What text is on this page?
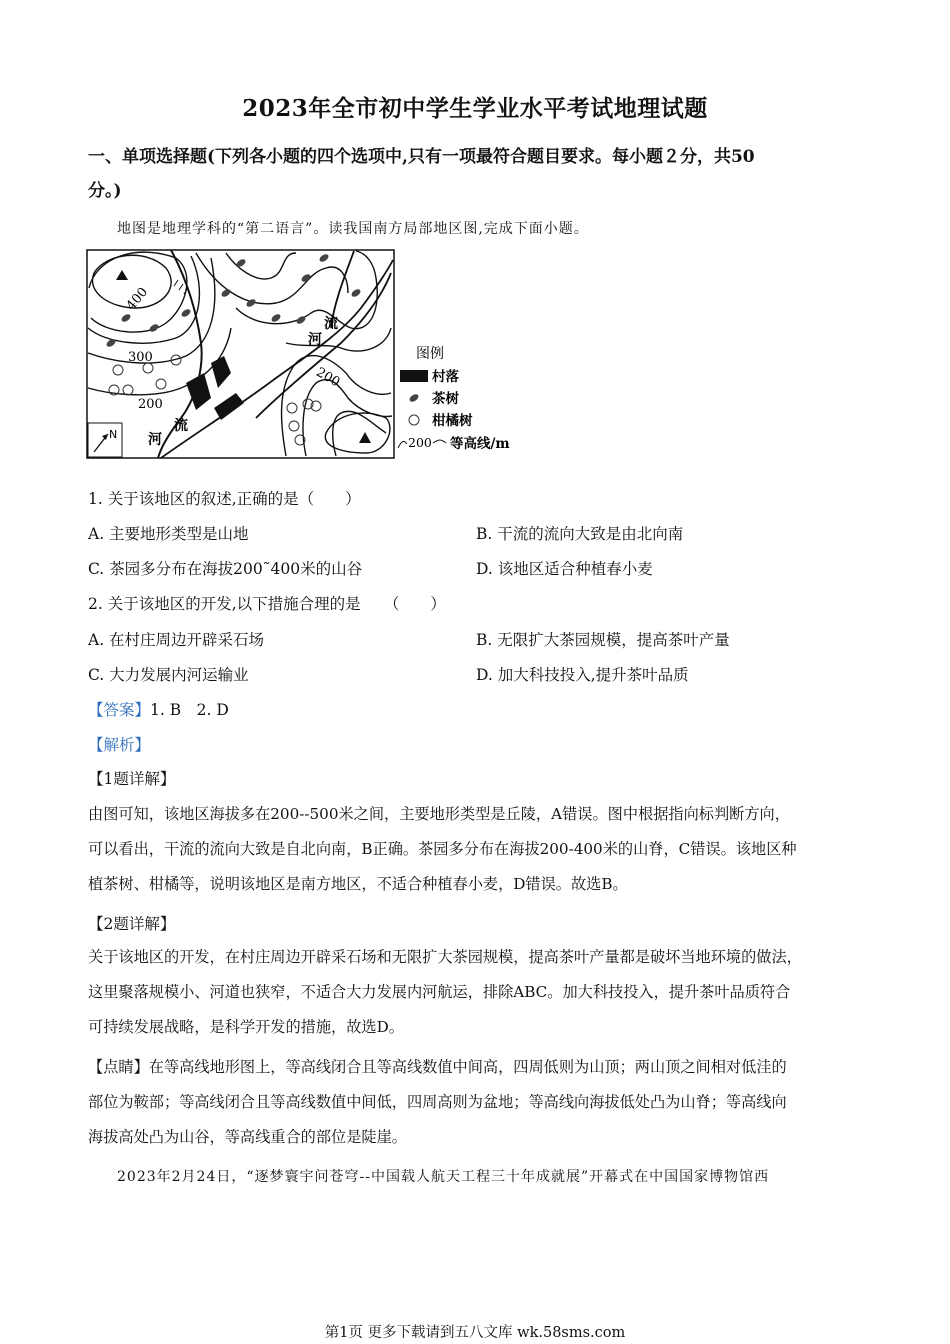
2023年全市初中学生学业水平考试地理试题
一、单项选择题(下列各小题的四个选项中,只有一项最符合题目要求。每小题２分，共50
分。)
地图是地理学科的“第二语言”。读我国南方局部地区图,完成下面小题。
400
300
200
200
流
河
流
河
N
图例
村落
茶树
柑橘树
200 等高线/m
1. 关于该地区的叙述,正确的是（　　）
A. 主要地形类型是山地	B. 干流的流向大致是由北向南
C. 茶园多分布在海拔200˜400米的山谷	D. 该地区适合种植春小麦
2. 关于该地区的开发,以下措施合理的是　　（　　）
A. 在村庄周边开辟采石场	B. 无限扩大茶园规模，提高茶叶产量
C. 大力发展内河运输业	D. 加大科技投入,提升茶叶品质
【答案】1. B　2. D
【解析】
【1题详解】
由图可知，该地区海拔多在200--500米之间，主要地形类型是丘陵，A错误。图中根据指向标判断方向，
可以看出，干流的流向大致是自北向南，B正确。茶园多分布在海拔200-400米的山脊，C错误。该地区种
植茶树、柑橘等，说明该地区是南方地区，不适合种植春小麦，D错误。故选B。
【2题详解】
关于该地区的开发，在村庄周边开辟采石场和无限扩大茶园规模，提高茶叶产量都是破坏当地环境的做法，
这里聚落规模小、河道也狭窄，不适合大力发展内河航运，排除ABC。加大科技投入，提升茶叶品质符合
可持续发展战略，是科学开发的措施，故选D。
【点睛】在等高线地形图上，等高线闭合且等高线数值中间高，四周低则为山顶；两山顶之间相对低洼的
部位为鞍部；等高线闭合且等高线数值中间低，四周高则为盆地；等高线向海拔低处凸为山脊；等高线向
海拔高处凸为山谷，等高线重合的部位是陡崖。
2023年2月24日，“逐梦寰宇问苍穹--中国载人航天工程三十年成就展”开幕式在中国国家博物馆西
第1页 更多下载请到五八文库 wk.58sms.com
